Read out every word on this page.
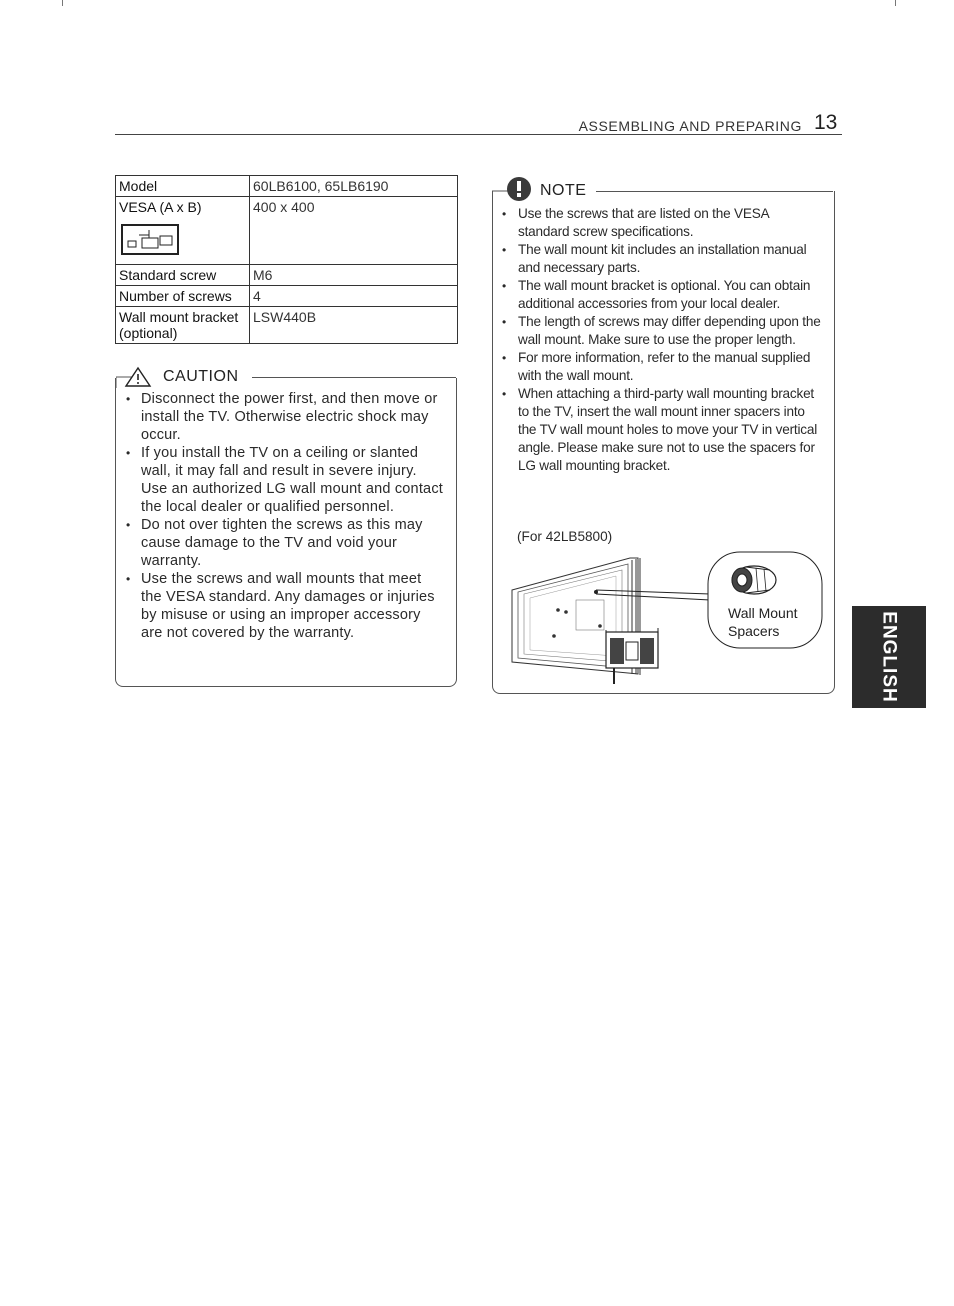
ASSEMBLING AND PREPARING 13
Model	60LB6100, 65LB6190
VESA (A x B)	400 x 400
Standard screw	M6
Number of screws	4
Wall mount bracket (optional)	LSW440B
CAUTION
• Disconnect the power first, and then move or install the TV. Otherwise electric shock may occur.
• If you install the TV on a ceiling or slanted wall, it may fall and result in severe injury. Use an authorized LG wall mount and contact the local dealer or qualified personnel.
• Do not over tighten the screws as this may cause damage to the TV and void your warranty.
• Use the screws and wall mounts that meet the VESA standard. Any damages or injuries by misuse or using an improper accessory are not covered by the warranty.
NOTE
• Use the screws that are listed on the VESA standard screw specifications.
• The wall mount kit includes an installation manual and necessary parts.
• The wall mount bracket is optional. You can obtain additional accessories from your local dealer.
• The length of screws may differ depending upon the wall mount. Make sure to use the proper length.
• For more information, refer to the manual supplied with the wall mount.
• When attaching a third-party wall mounting bracket to the TV, insert the wall mount inner spacers into the TV wall mount holes to move your TV in vertical angle. Please make sure not to use the spacers for LG wall mounting bracket.
(For 42LB5800)
Wall Mount
Spacers	ENGLISH
